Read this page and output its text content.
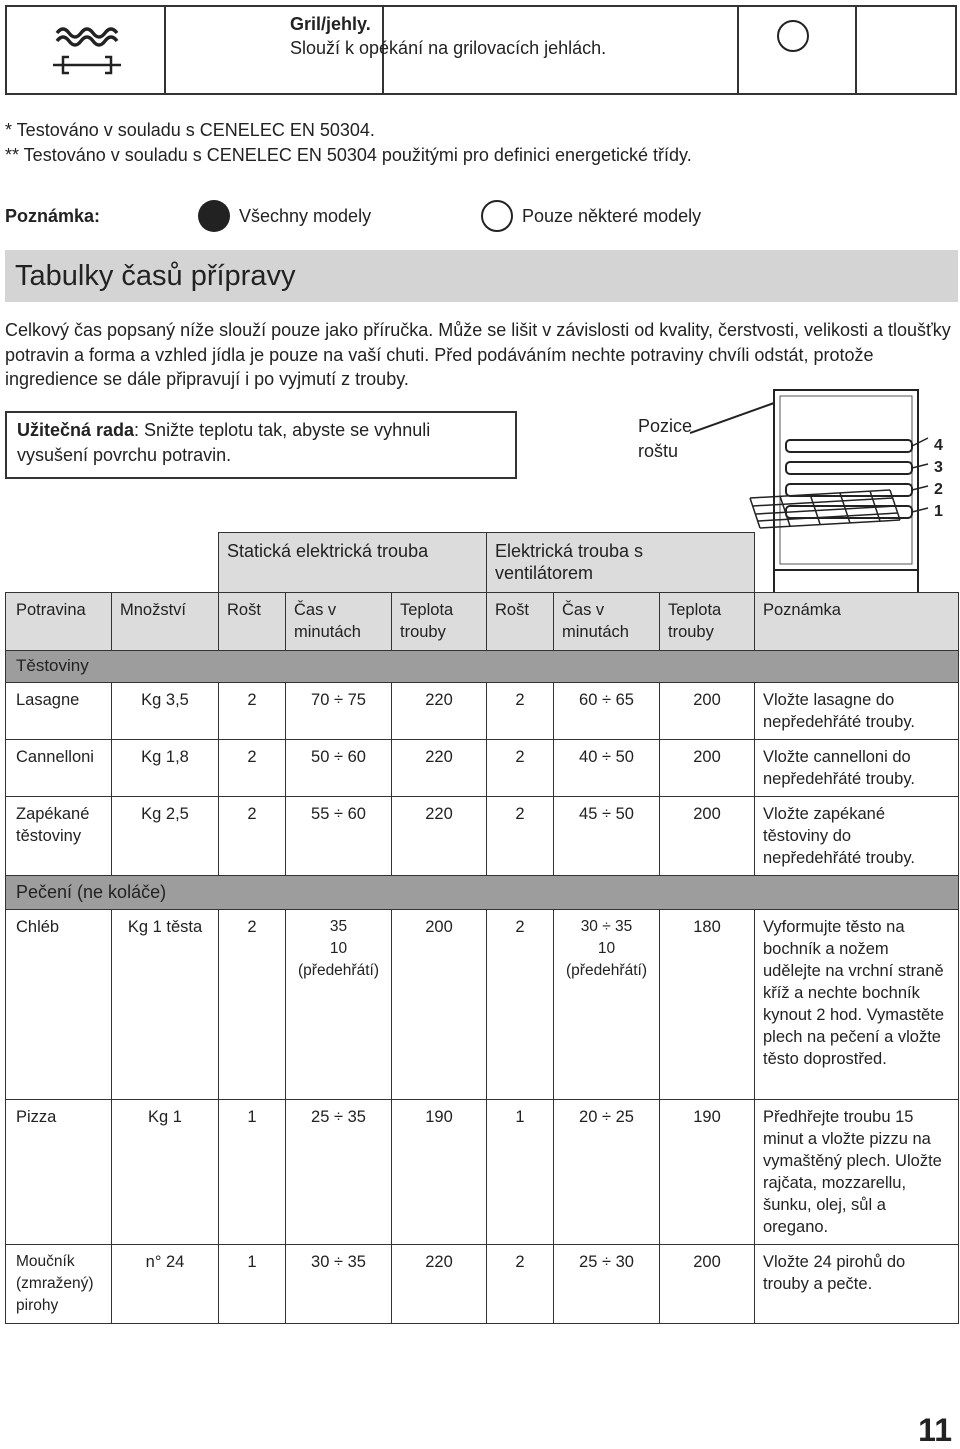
Gril/jehly.
Slouží k opékání na grilovacích jehlách.
* Testováno v souladu s CENELEC EN 50304.
** Testováno v souladu s CENELEC EN 50304 použitými pro definici energetické třídy.
Poznámka:	Všechny modely	Pouze některé modely
Tabulky časů přípravy
Celkový čas popsaný níže slouží pouze jako příručka. Může se lišit v závislosti od kvality, čerstvosti, velikosti a tloušťky potravin a forma a vzhled jídla je pouze na vaší chuti. Před podáváním nechte potraviny chvíli odstát, protože ingredience se dále připravují i po vyjmutí z trouby.
Užitečná rada: Snižte teplotu tak, abyste se vyhnuli vysušení povrchu potravin.
Pozice
roštu	4
3
2
1

		Statická elektrická trouba			Elektrická trouba s ventilátorem			

Potravina	Množství	Rošt	Čas v minutách	Teplota trouby	Rošt	Čas v minutách	Teplota trouby	Poznámka

Těstoviny								

Lasagne	Kg 3,5	2	70 ÷ 75	220	2	60 ÷ 65	200	Vložte lasagne do nepředehřáté trouby.

Cannelloni	Kg 1,8	2	50 ÷ 60	220	2	40 ÷ 50	200	Vložte cannelloni do nepředehřáté trouby.

Zapékané těstoviny	Kg 2,5	2	55 ÷ 60	220	2	45 ÷ 50	200	Vložte zapékané těstoviny do nepředehřáté trouby.

Pečení (ne koláče)								

Chléb	Kg 1 těsta	2	35
10
(předehřátí)	200	2	30 ÷ 35
10
(předehřátí)	180	Vyformujte těsto na bochník a nožem udělejte na vrchní straně kříž a nechte bochník kynout 2 hod. Vymastěte plech na pečení a vložte těsto doprostřed.

Pizza	Kg 1	1	25 ÷ 35	190	1	20 ÷ 25	190	Předhřejte troubu 15 minut a vložte pizzu na vymaštěný plech. Uložte rajčata, mozzarellu, šunku, olej, sůl a oregano.

Moučník (zmražený) pirohy	n° 24	1	30 ÷ 35	220	2	25 ÷ 30	200	Vložte 24 pirohů do trouby a pečte.
11
